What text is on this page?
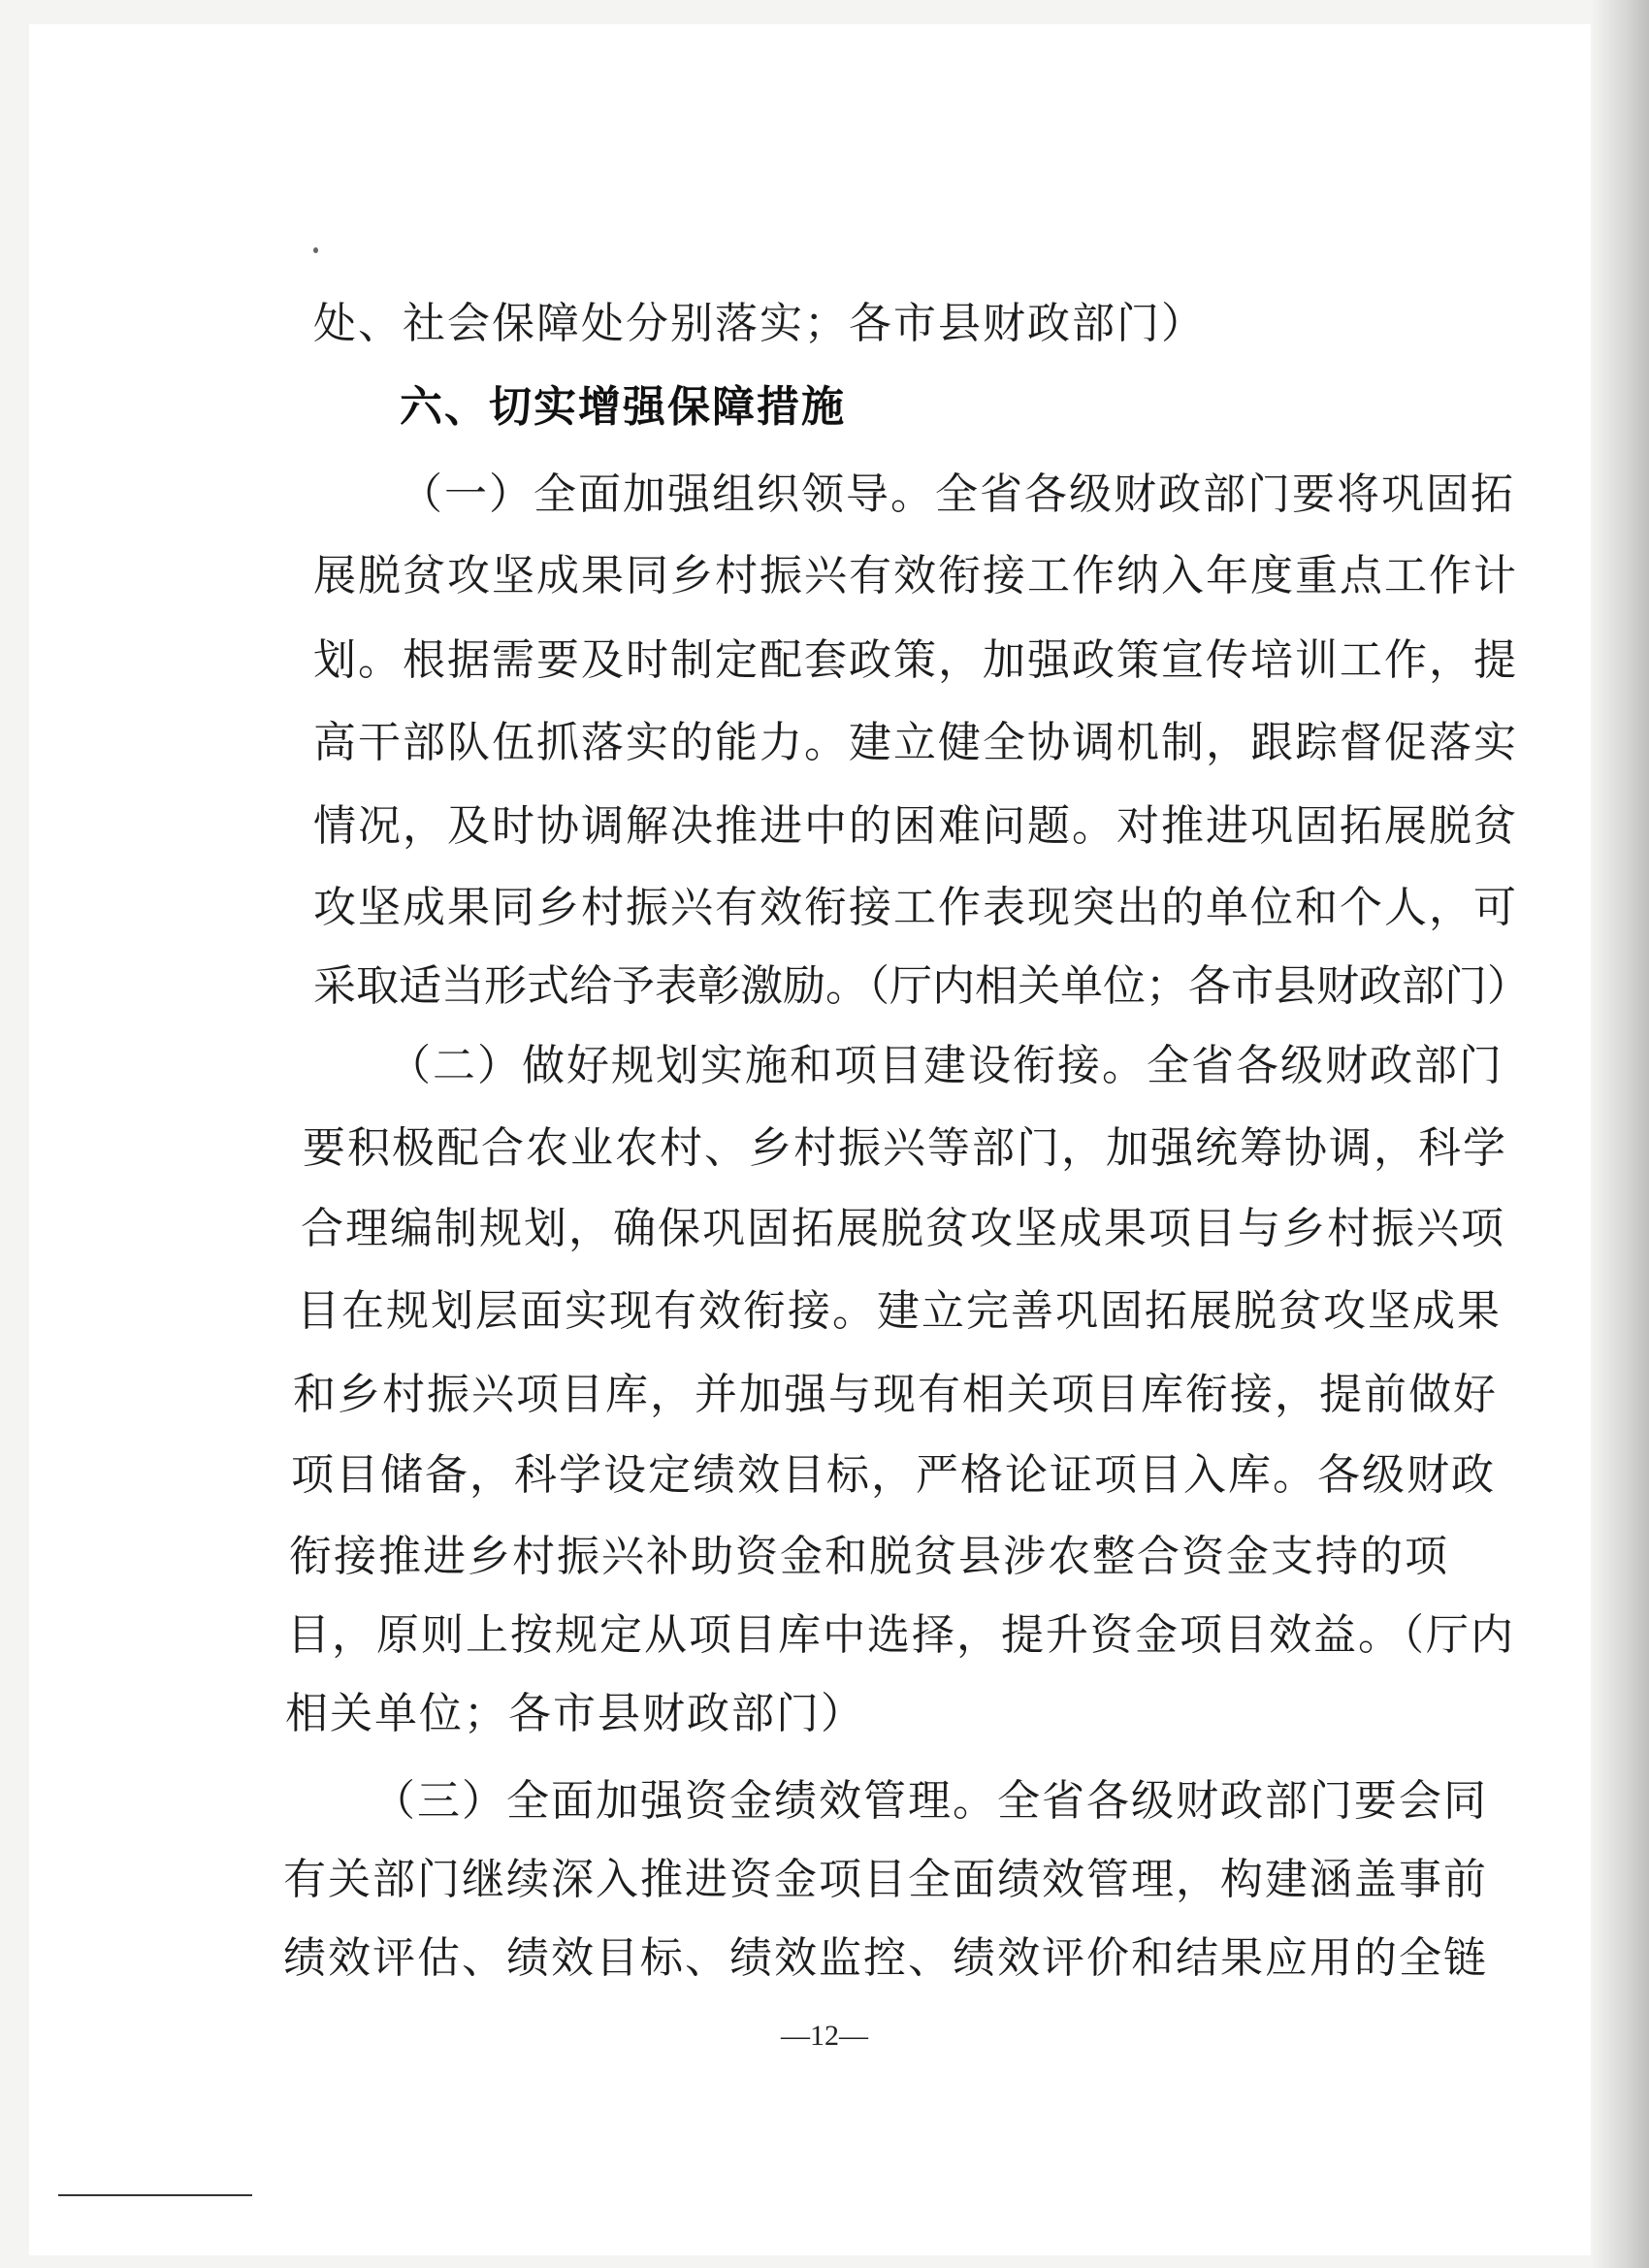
处、社会保障处分别落实；各市县财政部门）
六、切实增强保障措施
（一）全面加强组织领导。全省各级财政部门要将巩固拓
展脱贫攻坚成果同乡村振兴有效衔接工作纳入年度重点工作计
划。根据需要及时制定配套政策，加强政策宣传培训工作，提
高干部队伍抓落实的能力。建立健全协调机制，跟踪督促落实
情况，及时协调解决推进中的困难问题。对推进巩固拓展脱贫
攻坚成果同乡村振兴有效衔接工作表现突出的单位和个人，可
采取适当形式给予表彰激励。（厅内相关单位；各市县财政部门）
（二）做好规划实施和项目建设衔接。全省各级财政部门
要积极配合农业农村、乡村振兴等部门，加强统筹协调，科学
合理编制规划，确保巩固拓展脱贫攻坚成果项目与乡村振兴项
目在规划层面实现有效衔接。建立完善巩固拓展脱贫攻坚成果
和乡村振兴项目库，并加强与现有相关项目库衔接，提前做好
项目储备，科学设定绩效目标，严格论证项目入库。各级财政
衔接推进乡村振兴补助资金和脱贫县涉农整合资金支持的项
目，原则上按规定从项目库中选择，提升资金项目效益。（厅内
相关单位；各市县财政部门）
（三）全面加强资金绩效管理。全省各级财政部门要会同
有关部门继续深入推进资金项目全面绩效管理，构建涵盖事前
绩效评估、绩效目标、绩效监控、绩效评价和结果应用的全链
—12—
